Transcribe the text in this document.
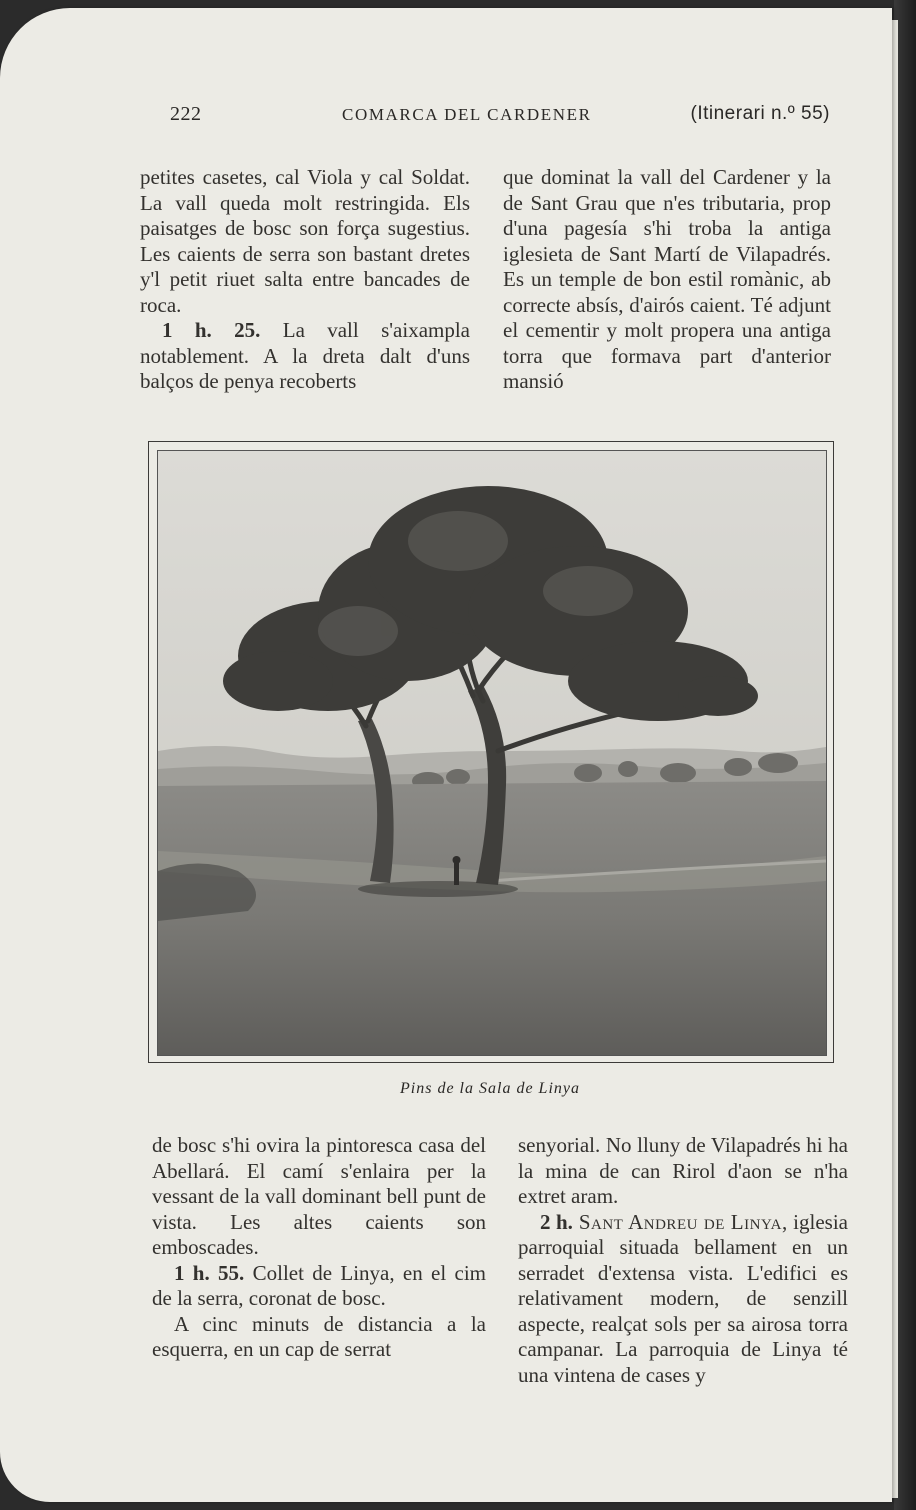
222	COMARCA DEL CARDENER	(Itinerari n.º 55)

petites casetes, cal Viola y cal Soldat. La vall queda molt restringida. Els paisatges de bosc son força sugestius. Les caients de serra son bastant dretes y'l petit riuet salta entre bancades de roca.

1 h. 25. La vall s'aixampla notablement. A la dreta dalt d'uns balços de penya recoberts

que dominat la vall del Cardener y la de Sant Grau que n'es tributaria, prop d'una pagesía s'hi troba la antiga iglesieta de Sant Martí de Vilapadrés. Es un temple de bon estil romànic, ab correcte absís, d'airós caient. Té adjunt el cementir y molt propera una antiga torra que formava part d'anterior mansió

Pins de la Sala de Linya

de bosc s'hi ovira la pintoresca casa del Abellará. El camí s'enlaira per la vessant de la vall dominant bell punt de vista. Les altes caients son emboscades.

1 h. 55. Collet de Linya, en el cim de la serra, coronat de bosc.

A cinc minuts de distancia a la esquerra, en un cap de serrat

senyorial. No lluny de Vilapadrés hi ha la mina de can Rirol d'aon se n'ha extret aram.

2 h. Sant Andreu de Linya, iglesia parroquial situada bellament en un serradet d'extensa vista. L'edifici es relativament modern, de senzill aspecte, realçat sols per sa airosa torra campanar. La parroquia de Linya té una vintena de cases y
